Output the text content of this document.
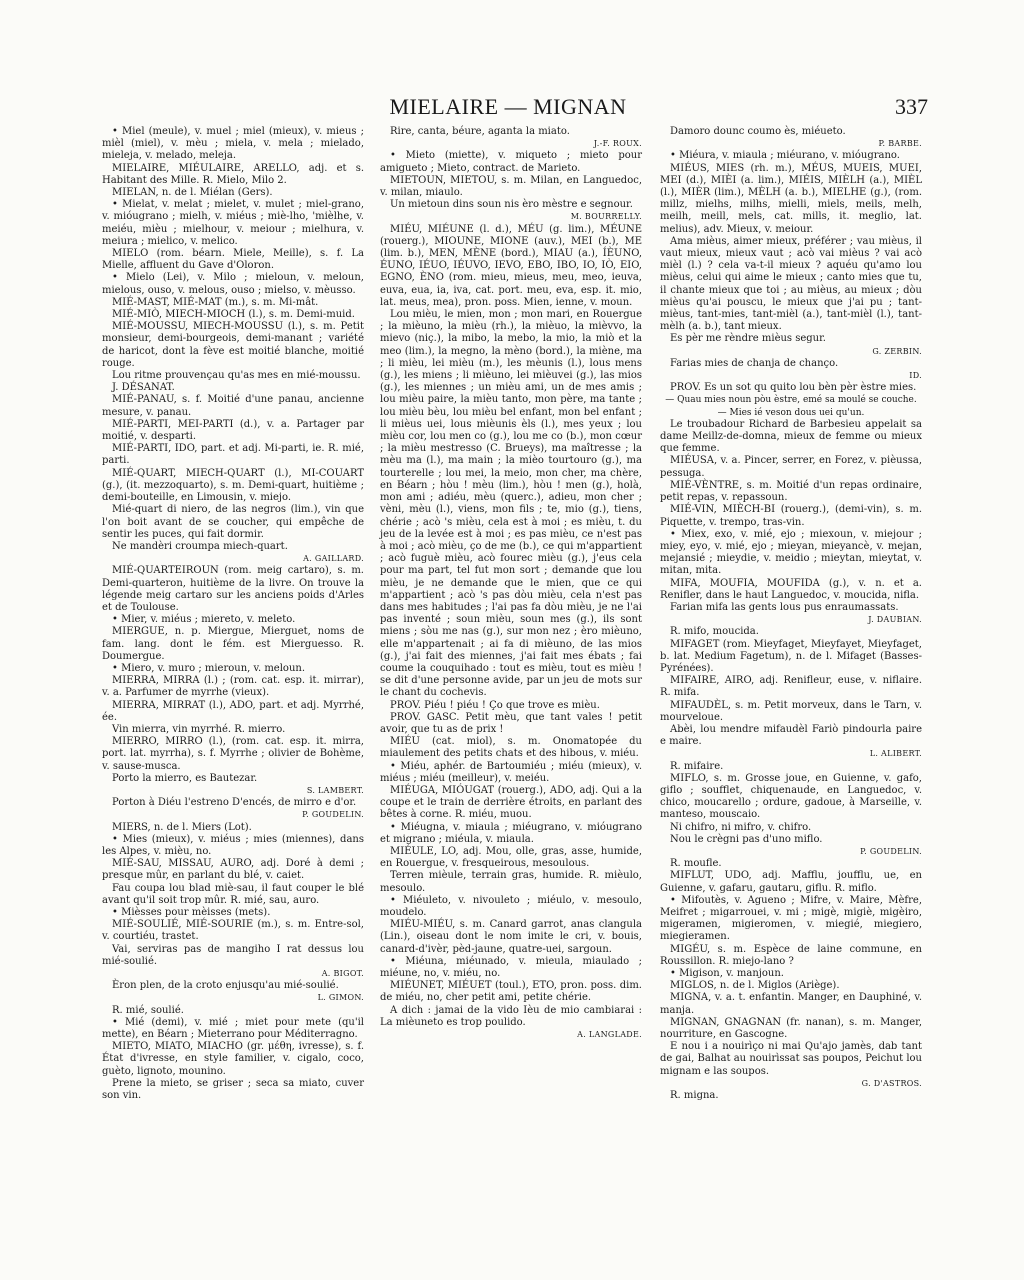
MIELAIRE — MIGNAN	337

• Miel (meule), v. muel ; miel (mieux), v. mieus ; mièl (miel), v. mèu ; miela, v. mela ; mielado, mieleja, v. melado, meleja.

MIELAIRE, MIÉULAIRE, ARELLO, adj. et s. Habitant des Mille. R. Mielo, Milo 2.

MIELAN, n. de l. Miélan (Gers).

• Mielat, v. melat ; mielet, v. mulet ; miel-grano, v. mióugrano ; mielh, v. miéus ; miè-lho, 'mièlhe, v. meiéu, mièu ; mielhour, v. meiour ; mielhura, v. meiura ; mielico, v. melico.

MIELO (rom. béarn. Miele, Meille), s. f. La Mielle, affluent du Gave d'Oloron.

• Mielo (Lei), v. Milo ; mieloun, v. meloun, mielous, ouso, v. melous, ouso ; mielso, v. mèusso.

MIÉ-MAST, MIÉ-MAT (m.), s. m. Mi-mât.

MIÉ-MIÒ, MIECH-MIOCH (l.), s. m. Demi-muid.

MIÉ-MOUSSU, MIECH-MOUSSU (l.), s. m. Petit monsieur, demi-bourgeois, demi-manant ; variété de haricot, dont la fève est moitié blanche, moitié rouge.

Lou ritme prouvençau qu'as mes en mié-moussu.

J. DÉSANAT.

MIÉ-PANAU, s. f. Moitié d'une panau, ancienne mesure, v. panau.

MIÉ-PARTI, MEI-PARTI (d.), v. a. Partager par moitié, v. desparti.

MIÉ-PARTI, IDO, part. et adj. Mi-parti, ie. R. mié, parti.

MIÉ-QUART, MIECH-QUART (l.), MI-COUART (g.), (it. mezzoquarto), s. m. Demi-quart, huitième ; demi-bouteille, en Limousin, v. miejo.

Mié-quart di niero, de las negros (lim.), vin que l'on boit avant de se coucher, qui empêche de sentir les puces, qui fait dormir.

Ne mandèri croumpa miech-quart.

A. GAILLARD.

MIÉ-QUARTEIROUN (rom. meig cartaro), s. m. Demi-quarteron, huitième de la livre. On trouve la légende meig cartaro sur les anciens poids d'Arles et de Toulouse.

• Mier, v. miéus ; miereto, v. meleto.

MIERGUE, n. p. Miergue, Mierguet, noms de fam. lang. dont le fém. est Mierguesso. R. Doumergue.

• Miero, v. muro ; mieroun, v. meloun.

MIERRA, MIRRA (l.) ; (rom. cat. esp. it. mirrar), v. a. Parfumer de myrrhe (vieux).

MIERRA, MIRRAT (l.), ADO, part. et adj. Myrrhé, ée.

Vin mierra, vin myrrhé. R. mierro.

MIERRO, MIRRO (l.), (rom. cat. esp. it. mirra, port. lat. myrrha), s. f. Myrrhe ; olivier de Bohème, v. sause-musca.

Porto la mierro, es Bautezar.

S. LAMBERT.

Porton à Diéu l'estreno D'encés, de mirro e d'or.

P. GOUDELIN.

MIERS, n. de l. Miers (Lot).

• Mies (mieux), v. miéus ; mies (miennes), dans les Alpes, v. mièu, no.

MIÉ-SAU, MISSAU, AURO, adj. Doré à demi ; presque mûr, en parlant du blé, v. caiet.

Fau coupa lou blad miè-sau, il faut couper le blé avant qu'il soit trop mûr. R. mié, sau, auro.

• Mièsses pour mèisses (mets).

MIÉ-SOULIÉ, MIÉ-SOURIE (m.), s. m. Entre-sol, v. courtiéu, trastet.

Vai, serviras pas de mangiho I rat dessus lou mié-soulié.

A. BIGOT.

Èron plen, de la croto enjusqu'au mié-soulié.

L. GIMON.

R. mié, soulié.

• Mié (demi), v. mié ; miet pour mete (qu'il mette), en Béarn ; Mieterrano pour Méditerragno.

MIETO, MIATO, MIACHO (gr. μέθη, ivresse), s. f. État d'ivresse, en style familier, v. cigalo, coco, guèto, lignoto, mounino.

Prene la mieto, se griser ; seca sa miato, cuver son vin.

Rire, canta, béure, aganta la miato.

J.-F. ROUX.

• Mieto (miette), v. miqueto ; mieto pour amigueto ; Mieto, contract. de Marieto.

MIETOUN, MIETOU, s. m. Milan, en Languedoc, v. milan, miaulo.

Un mietoun dins soun nis èro mèstre e segnour.

M. BOURRELLY.

MIÉU, MIÉUNE (l. d.), MÉU (g. lim.), MÉUNE (rouerg.), MIOUNE, MIONE (auv.), MEI (b.), ME (lim. b.), MEN, MÈNE (bord.), MIAU (a.), ÍÈUNO, ÉUNO, IÉUO, IÉUVO, IEVO, EBO, IBO, IO, IÒ, EIO, EGNO, ÈNO (rom. mieu, mieus, meu, meo, ieuva, euva, eua, ia, iva, cat. port. meu, eva, esp. it. mio, lat. meus, mea), pron. poss. Mien, ienne, v. moun.

Lou mièu, le mien, mon ; mon mari, en Rouergue ; la mièuno, la mièu (rh.), la mièuo, la mièvvo, la mievo (niç.), la mibo, la mebo, la mio, la miò et la meo (lim.), la megno, la mèno (bord.), la miène, ma ; li mièu, lei mièu (m.), les mèunis (l.), lous mens (g.), les miens ; li mièuno, lei mièuvei (g.), las mios (g.), les miennes ; un mièu ami, un de mes amis ; lou mièu paire, la mièu tanto, mon père, ma tante ; lou mièu bèu, lou mièu bel enfant, mon bel enfant ; li mièus uei, lous mièunis èls (l.), mes yeux ; lou mièu cor, lou men co (g.), lou me co (b.), mon cœur ; la mièu mestresso (C. Brueys), ma maîtresse ; la mèu ma (l.), ma main ; la mièo tourtouro (g.), ma tourterelle ; lou mei, la meio, mon cher, ma chère, en Béarn ; hòu ! mèu (lim.), hòu ! men (g.), holà, mon ami ; adiéu, mèu (querc.), adieu, mon cher ; vèni, mèu (l.), viens, mon fils ; te, mio (g.), tiens, chérie ; acò 's mièu, cela est à moi ; es mièu, t. du jeu de la levée est à moi ; es pas mièu, ce n'est pas à moi ; acò mièu, ço de me (b.), ce qui m'appartient ; acò fuguè mièu, acò fourec mièu (g.), j'eus cela pour ma part, tel fut mon sort ; demande que lou mièu, je ne demande que le mien, que ce qui m'appartient ; acò 's pas dòu mièu, cela n'est pas dans mes habitudes ; l'ai pas fa dòu mièu, je ne l'ai pas inventé ; soun mièu, soun mes (g.), ils sont miens ; sòu me nas (g.), sur mon nez ; èro mièuno, elle m'appartenait ; ai fa di mièuno, de las mios (g.), j'ai fait des miennes, j'ai fait mes ébats ; fai coume la couquihado : tout es mièu, tout es mièu ! se dit d'une personne avide, par un jeu de mots sur le chant du cochevis.

PROV. Piéu ! piéu ! Ço que trove es mièu.

PROV. GASC. Petit mèu, que tant vales ! petit avoir, que tu as de prix !

MIÉU (cat. miol), s. m. Onomatopée du miaulement des petits chats et des hibous, v. miéu.

• Miéu, aphér. de Bartoumiéu ; miéu (mieux), v. miéus ; miéu (meilleur), v. meiéu.

MIÉUGA, MIÓUGAT (rouerg.), ADO, adj. Qui a la coupe et le train de derrière étroits, en parlant des bêtes à corne. R. miéu, muou.

• Miéugna, v. miaula ; miéugrano, v. mióugrano et migrano ; miéula, v. miaula.

MIÉULE, LO, adj. Mou, olle, gras, asse, humide, en Rouergue, v. fresqueirous, mesoulous.

Terren mièule, terrain gras, humide. R. mièulo, mesoulo.

• Miéuleto, v. nivouleto ; miéulo, v. mesoulo, moudelo.

MIÉU-MIÉU, s. m. Canard garrot, anas clangula (Lin.), oiseau dont le nom imite le cri, v. bouis, canard-d'ivèr, pèd-jaune, quatre-uei, sargoun.

• Miéuna, miéunado, v. mieula, miaulado ; miéune, no, v. miéu, no.

MIÉUNET, MIÉUET (toul.), ETO, pron. poss. dim. de miéu, no, cher petit ami, petite chérie.

A dich : jamai de la vido Ièu de mio cambiarai : La mièuneto es trop poulido.

A. LANGLADE.

Damoro dounc coumo ès, miéueto.

P. BARBE.

• Miéura, v. miaula ; miéurano, v. mióugrano.

MIÉUS, MIES (rh. m.), MÉUS, MUEIS, MUEI, MEI (d.), MIÈI (a. lim.), MIÉIS, MIÈLH (a.), MIÈL (l.), MIÈR (lim.), MÈLH (a. b.), MIELHE (g.), (rom. millz, mielhs, milhs, mielli, miels, meils, melh, meilh, meill, mels, cat. mills, it. meglio, lat. melius), adv. Mieux, v. meiour.

Ama mièus, aimer mieux, préférer ; vau mièus, il vaut mieux, mieux vaut ; acò vai mièus ? vai acò mièl (l.) ? cela va-t-il mieux ? aquéu qu'amo lou mièus, celui qui aime le mieux ; canto mies que tu, il chante mieux que toi ; au mièus, au mieux ; dòu mièus qu'ai pouscu, le mieux que j'ai pu ; tant-mièus, tant-mies, tant-mièl (a.), tant-mièl (l.), tant-mèlh (a. b.), tant mieux.

Es pèr me rèndre mièus segur.

G. ZERBIN.

Farias mies de chanja de chanço.

ID.

PROV. Es un sot qu quito lou bèn pèr èstre mies.

— Quau mies noun pòu èstre, emé sa moulé se couche.

— Mies ié veson dous uei qu'un.

Le troubadour Richard de Barbesieu appelait sa dame Meillz-de-domna, mieux de femme ou mieux que femme.

MIÉUSA, v. a. Pincer, serrer, en Forez, v. pièussa, pessuga.

MIÉ-VÈNTRE, s. m. Moitié d'un repas ordinaire, petit repas, v. repassoun.

MIÉ-VIN, MIÈCH-BI (rouerg.), (demi-vin), s. m. Piquette, v. trempo, tras-vin.

• Miex, exo, v. mié, ejo ; miexoun, v. miejour ; miey, eyo, v. mié, ejo ; mieyan, mieyancè, v. mejan, mejansié ; mieydie, v. meidio ; mieytan, mieytat, v. mitan, mita.

MIFA, MOUFIA, MOUFIDA (g.), v. n. et a. Renifler, dans le haut Languedoc, v. moucida, nifla.

Farian mifa las gents lous pus enraumassats.

J. DAUBIAN.

R. mifo, moucida.

MIFAGET (rom. Mieyfaget, Mieyfayet, Mieyfaget, b. lat. Medium Fagetum), n. de l. Mifaget (Basses-Pyrénées).

MIFAIRE, AIRO, adj. Renifleur, euse, v. niflaire. R. mifa.

MIFAUDÈL, s. m. Petit morveux, dans le Tarn, v. mourveloue.

Abèi, lou mendre mifaudèl Fariò pindourla paire e maire.

L. ALIBERT.

R. mifaire.

MIFLO, s. m. Grosse joue, en Guienne, v. gafo, giflo ; soufflet, chiquenaude, en Languedoc, v. chico, moucarello ; ordure, gadoue, à Marseille, v. manteso, mouscaio.

Ni chifro, ni mifro, v. chifro.

Nou le crègni pas d'uno miflo.

P. GOUDELIN.

R. moufle.

MIFLUT, UDO, adj. Mafflu, joufflu, ue, en Guienne, v. gafaru, gautaru, giflu. R. miflo.

• Mifoutès, v. Agueno ; Mifre, v. Maire, Mèfre, Meifret ; migarrouei, v. mi ; migè, migiè, migèiro, migeramen, migieromen, v. miegié, miegiero, miegieramen.

MIGÉU, s. m. Espèce de laine commune, en Roussillon. R. miejo-lano ?

• Migison, v. manjoun.

MIGLOS, n. de l. Miglos (Ariège).

MIGNA, v. a. t. enfantin. Manger, en Dauphiné, v. manja.

MIGNAN, GNAGNAN (fr. nanan), s. m. Manger, nourriture, en Gascogne.

E nou i a nouirìço ni mai Qu'ajo jamès, dab tant de gai, Balhat au nouirìssat sas poupos, Peichut lou mignam e las soupos.

G. D'ASTROS.

R. migna.
